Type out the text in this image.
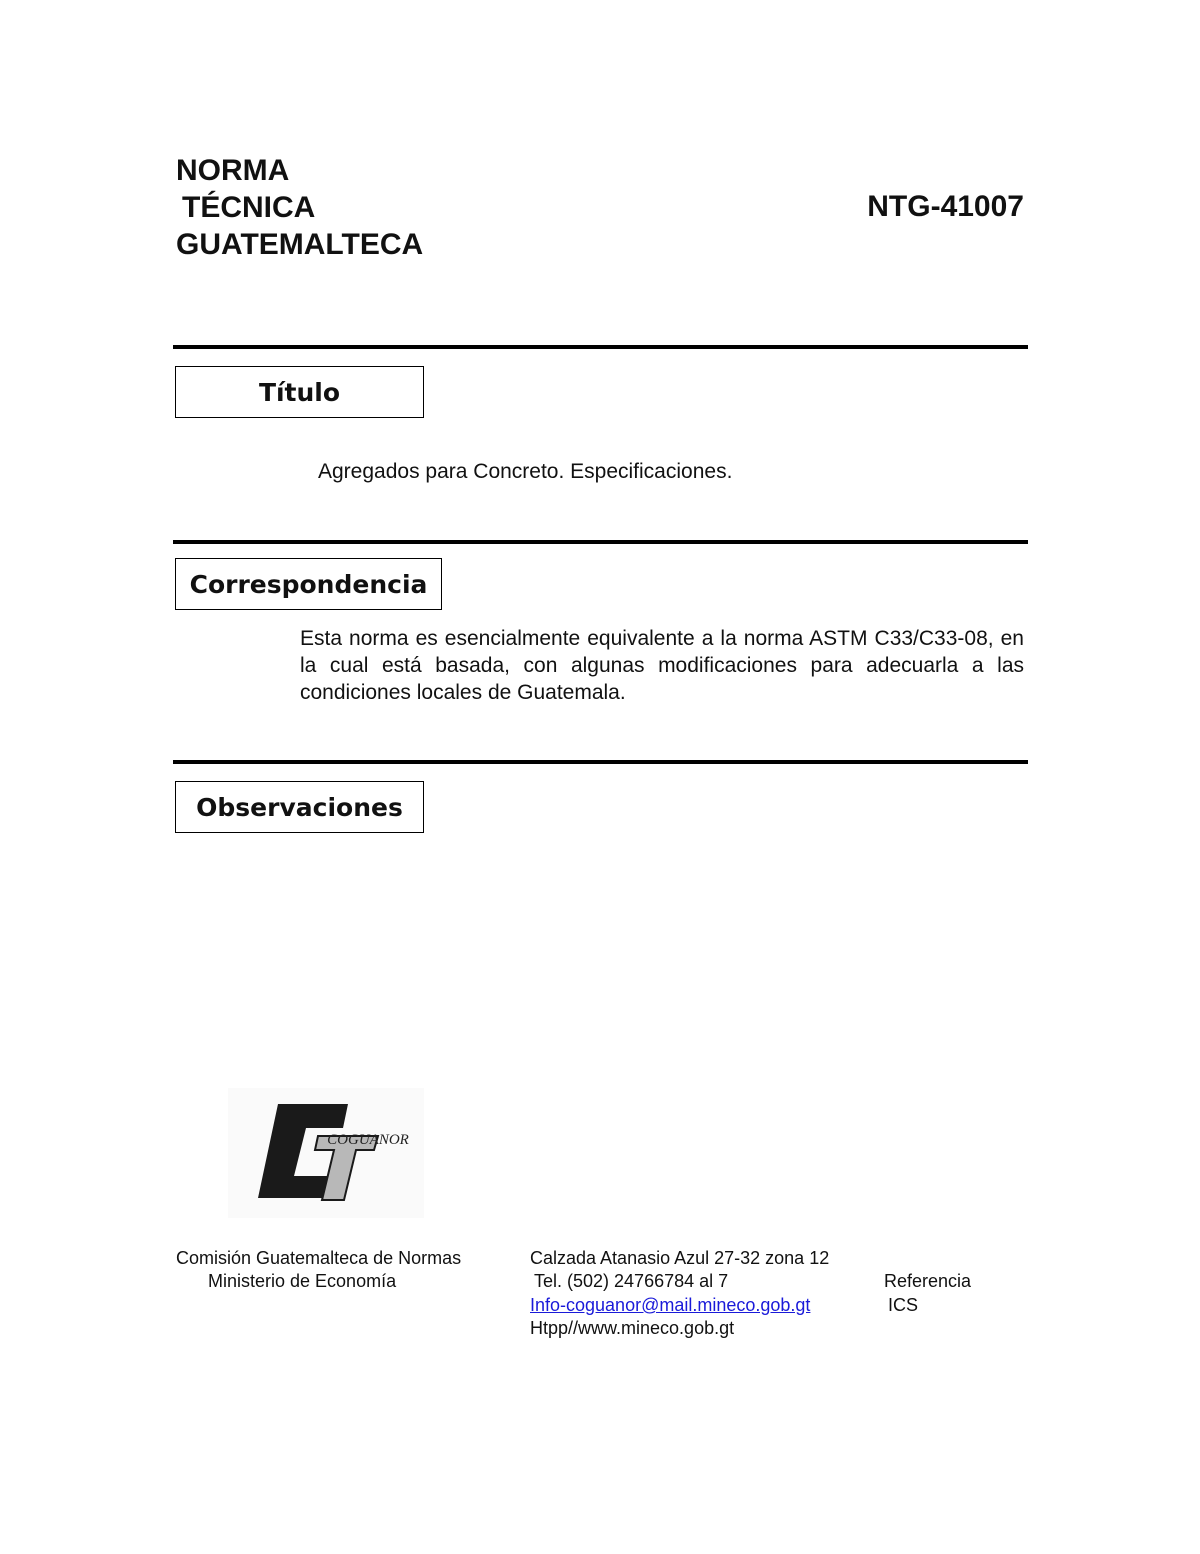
NORMA
TÉCNICA
GUATEMALTECA
NTG-41007
Título
Agregados para Concreto. Especificaciones.
Correspondencia
Esta norma es esencialmente equivalente a la norma ASTM C33/C33-08, en la cual está basada, con algunas modificaciones para adecuarla a las condiciones locales de Guatemala.
Observaciones
COGUANOR
Comisión Guatemalteca de Normas
Ministerio de Economía
Calzada Atanasio Azul 27-32 zona 12
Tel. (502) 24766784 al 7
Info-coguanor@mail.mineco.gob.gt
Htpp//www.mineco.gob.gt
Referencia
ICS
